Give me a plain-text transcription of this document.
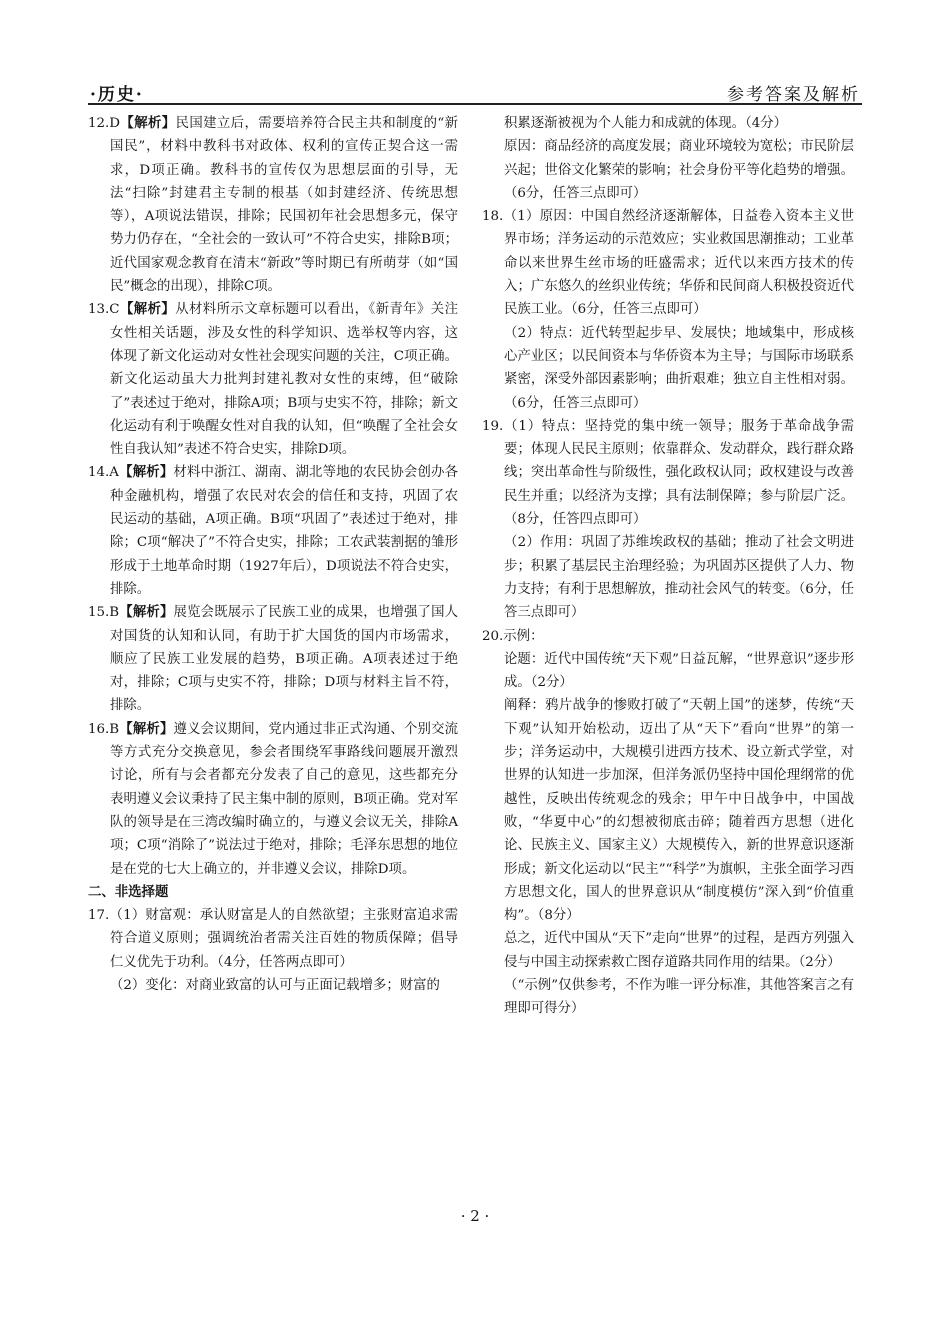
·历史·	参考答案及解析

12.D【解析】民国建立后，需要培养符合民主共和制度的“新国民”，材料中教科书对政体、权利的宣传正契合这一需求，D项正确。教科书的宣传仅为思想层面的引导，无法“扫除”封建君主专制的根基（如封建经济、传统思想等），A项说法错误，排除；民国初年社会思想多元，保守势力仍存在，“全社会的一致认可”不符合史实，排除B项；近代国家观念教育在清末“新政”等时期已有所萌芽（如“国民”概念的出现），排除C项。

13.C【解析】从材料所示文章标题可以看出，《新青年》关注女性相关话题，涉及女性的科学知识、选举权等内容，这体现了新文化运动对女性社会现实问题的关注，C项正确。新文化运动虽大力批判封建礼教对女性的束缚，但“破除了”表述过于绝对，排除A项；B项与史实不符，排除；新文化运动有利于唤醒女性对自我的认知，但“唤醒了全社会女性自我认知”表述不符合史实，排除D项。

14.A【解析】材料中浙江、湖南、湖北等地的农民协会创办各种金融机构，增强了农民对农会的信任和支持，巩固了农民运动的基础，A项正确。B项“巩固了”表述过于绝对，排除；C项“解决了”不符合史实，排除；工农武装割据的雏形形成于土地革命时期（1927年后），D项说法不符合史实，排除。

15.B【解析】展览会既展示了民族工业的成果，也增强了国人对国货的认知和认同，有助于扩大国货的国内市场需求，顺应了民族工业发展的趋势，B项正确。A项表述过于绝对，排除；C项与史实不符，排除；D项与材料主旨不符，排除。

16.B【解析】遵义会议期间，党内通过非正式沟通、个别交流等方式充分交换意见，参会者围绕军事路线问题展开激烈讨论，所有与会者都充分发表了自己的意见，这些都充分表明遵义会议秉持了民主集中制的原则，B项正确。党对军队的领导是在三湾改编时确立的，与遵义会议无关，排除A项；C项“消除了”说法过于绝对，排除；毛泽东思想的地位是在党的七大上确立的，并非遵义会议，排除D项。

二、非选择题

17.（1）财富观：承认财富是人的自然欲望；主张财富追求需符合道义原则；强调统治者需关注百姓的物质保障；倡导仁义优先于功利。（4分，任答两点即可）

（2）变化：对商业致富的认可与正面记载增多；财富的

积累逐渐被视为个人能力和成就的体现。（4分）

原因：商品经济的高度发展；商业环境较为宽松；市民阶层兴起；世俗文化繁荣的影响；社会身份平等化趋势的增强。（6分，任答三点即可）

18.（1）原因：中国自然经济逐渐解体，日益卷入资本主义世界市场；洋务运动的示范效应；实业救国思潮推动；工业革命以来世界生丝市场的旺盛需求；近代以来西方技术的传入；广东悠久的丝织业传统；华侨和民间商人积极投资近代民族工业。（6分，任答三点即可）

（2）特点：近代转型起步早、发展快；地域集中，形成核心产业区；以民间资本与华侨资本为主导；与国际市场联系紧密，深受外部因素影响；曲折艰难；独立自主性相对弱。（6分，任答三点即可）

19.（1）特点：坚持党的集中统一领导；服务于革命战争需要；体现人民民主原则；依靠群众、发动群众，践行群众路线；突出革命性与阶级性，强化政权认同；政权建设与改善民生并重；以经济为支撑；具有法制保障；参与阶层广泛。（8分，任答四点即可）

（2）作用：巩固了苏维埃政权的基础；推动了社会文明进步；积累了基层民主治理经验；为巩固苏区提供了人力、物力支持；有利于思想解放，推动社会风气的转变。（6分，任答三点即可）

20.示例：

论题：近代中国传统“天下观”日益瓦解，“世界意识”逐步形成。（2分）

阐释：鸦片战争的惨败打破了“天朝上国”的迷梦，传统“天下观”认知开始松动，迈出了从“天下”看向“世界”的第一步；洋务运动中，大规模引进西方技术、设立新式学堂，对世界的认知进一步加深，但洋务派仍坚持中国伦理纲常的优越性，反映出传统观念的残余；甲午中日战争中，中国战败，“华夏中心”的幻想被彻底击碎；随着西方思想（进化论、民族主义、国家主义）大规模传入，新的世界意识逐渐形成；新文化运动以“民主”“科学”为旗帜，主张全面学习西方思想文化，国人的世界意识从“制度模仿”深入到“价值重构”。（8分）

总之，近代中国从“天下”走向“世界”的过程，是西方列强入侵与中国主动探索救亡图存道路共同作用的结果。（2分）

（“示例”仅供参考，不作为唯一评分标准，其他答案言之有理即可得分）

· 2 ·
